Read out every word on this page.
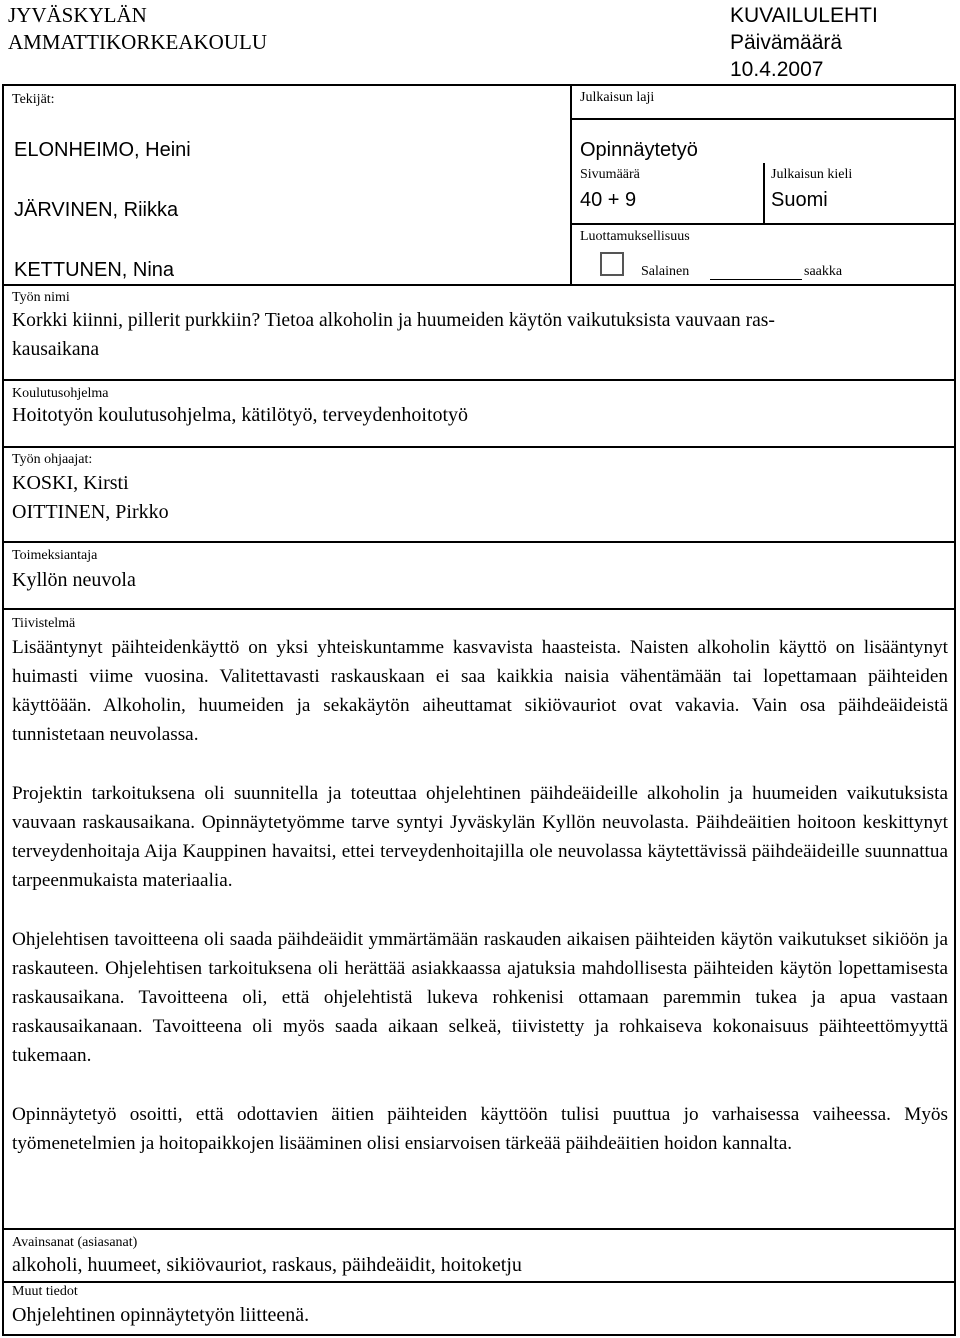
JYVÄSKYLÄN
AMMATTIKORKEAKOULU
KUVAILULEHTI
Päivämäärä
10.4.2007
Tekijät:
ELONHEIMO, Heini
JÄRVINEN, Riikka
KETTUNEN, Nina
Julkaisun laji
Opinnäytetyö
Sivumäärä
40 + 9
Julkaisun kieli
Suomi
Luottamuksellisuus
Salainen	saakka
Työn nimi
Korkki kiinni, pillerit purkkiin? Tietoa alkoholin ja huumeiden käytön vaikutuksista vauvaan ras-
kausaikana
Koulutusohjelma
Hoitotyön koulutusohjelma, kätilötyö, terveydenhoitotyö
Työn ohjaajat:
KOSKI, Kirsti
OITTINEN, Pirkko
Toimeksiantaja
Kyllön neuvola
Tiivistelmä

Lisääntynyt päihteidenkäyttö on yksi yhteiskuntamme kasvavista haasteista. Naisten alkoholin käyttö on lisääntynyt huimasti viime vuosina. Valitettavasti raskauskaan ei saa kaikkia naisia vähentämään tai lopettamaan päihteiden käyttöään. Alkoholin, huumeiden ja sekakäytön aiheuttamat sikiövauriot ovat vakavia. Vain osa päihdeäideistä tunnistetaan neuvolassa.

Projektin tarkoituksena oli suunnitella ja toteuttaa ohjelehtinen päihdeäideille alkoholin ja huumeiden vaikutuksista vauvaan raskausaikana. Opinnäytetyömme tarve syntyi Jyväskylän Kyllön neuvolasta. Päihdeäitien hoitoon keskittynyt terveydenhoitaja Aija Kauppinen havaitsi, ettei terveydenhoitajilla ole neuvolassa käytettävissä päihdeäideille suunnattua tarpeenmukaista materiaalia.

Ohjelehtisen tavoitteena oli saada päihdeäidit ymmärtämään raskauden aikaisen päihteiden käytön vaikutukset sikiöön ja raskauteen. Ohjelehtisen tarkoituksena oli herättää asiakkaassa ajatuksia mahdollisesta päihteiden käytön lopettamisesta raskausaikana. Tavoitteena oli, että ohjelehtistä lukeva rohkenisi ottamaan paremmin tukea ja apua vastaan raskausaikanaan. Tavoitteena oli myös saada aikaan selkeä, tiivistetty ja rohkaiseva kokonaisuus päihteettömyyttä tukemaan.

Opinnäytetyö osoitti, että odottavien äitien päihteiden käyttöön tulisi puuttua jo varhaisessa vaiheessa. Myös työmenetelmien ja hoitopaikkojen lisääminen olisi ensiarvoisen tärkeää päihdeäitien hoidon kannalta.

Avainsanat (asiasanat)
alkoholi, huumeet, sikiövauriot, raskaus, päihdeäidit, hoitoketju
Muut tiedot
Ohjelehtinen opinnäytetyön liitteenä.
